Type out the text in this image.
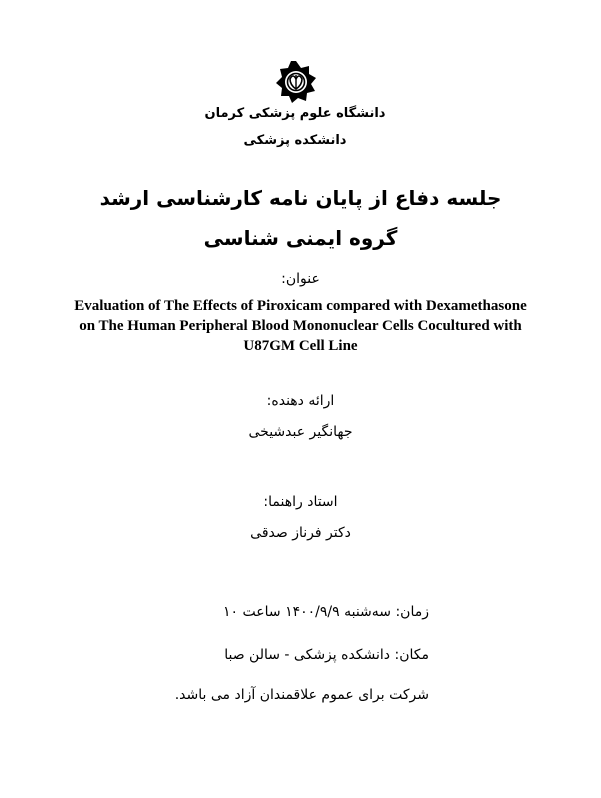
دانشگاه علوم پزشکی کرمان
دانشکده پزشکی
جلسه دفاع از پایان نامه کارشناسی ارشد
گروه ایمنی شناسی
عنوان:
Evaluation of The Effects of Piroxicam compared with Dexamethasone
on The Human Peripheral Blood Mononuclear Cells Cocultured with
U87GM Cell Line
ارائه دهنده:
جهانگیر عبدشیخی
استاد راهنما:
دکتر فرناز صدقی
زمان: سه‌شنبه ۱۴۰۰/۹/۹ ساعت ۱۰
مکان: دانشکده پزشکی - سالن صبا
شرکت برای عموم علاقمندان آزاد می باشد.
